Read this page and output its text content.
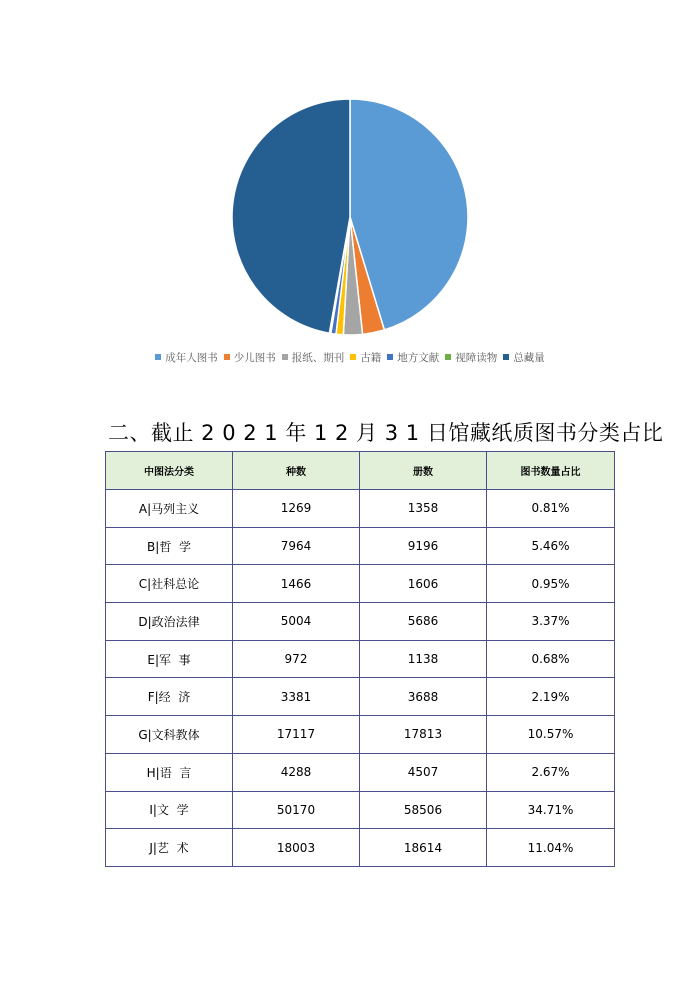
成年人图书 少儿图书 报纸、期刊 古籍 地方文献 视障读物 总藏量
二、截止 2 0 2 1 年 1 2 月 3 1 日馆藏纸质图书分类占比
中图法分类	种数	册数	图书数量占比
A|马列主义	1269	1358	0.81%
B|哲  学	7964	9196	5.46%
C|社科总论	1466	1606	0.95%
D|政治法律	5004	5686	3.37%
E|军  事	972	1138	0.68%
F|经  济	3381	3688	2.19%
G|文科教体	17117	17813	10.57%
H|语  言	4288	4507	2.67%
I|文  学	50170	58506	34.71%
J|艺  术	18003	18614	11.04%
